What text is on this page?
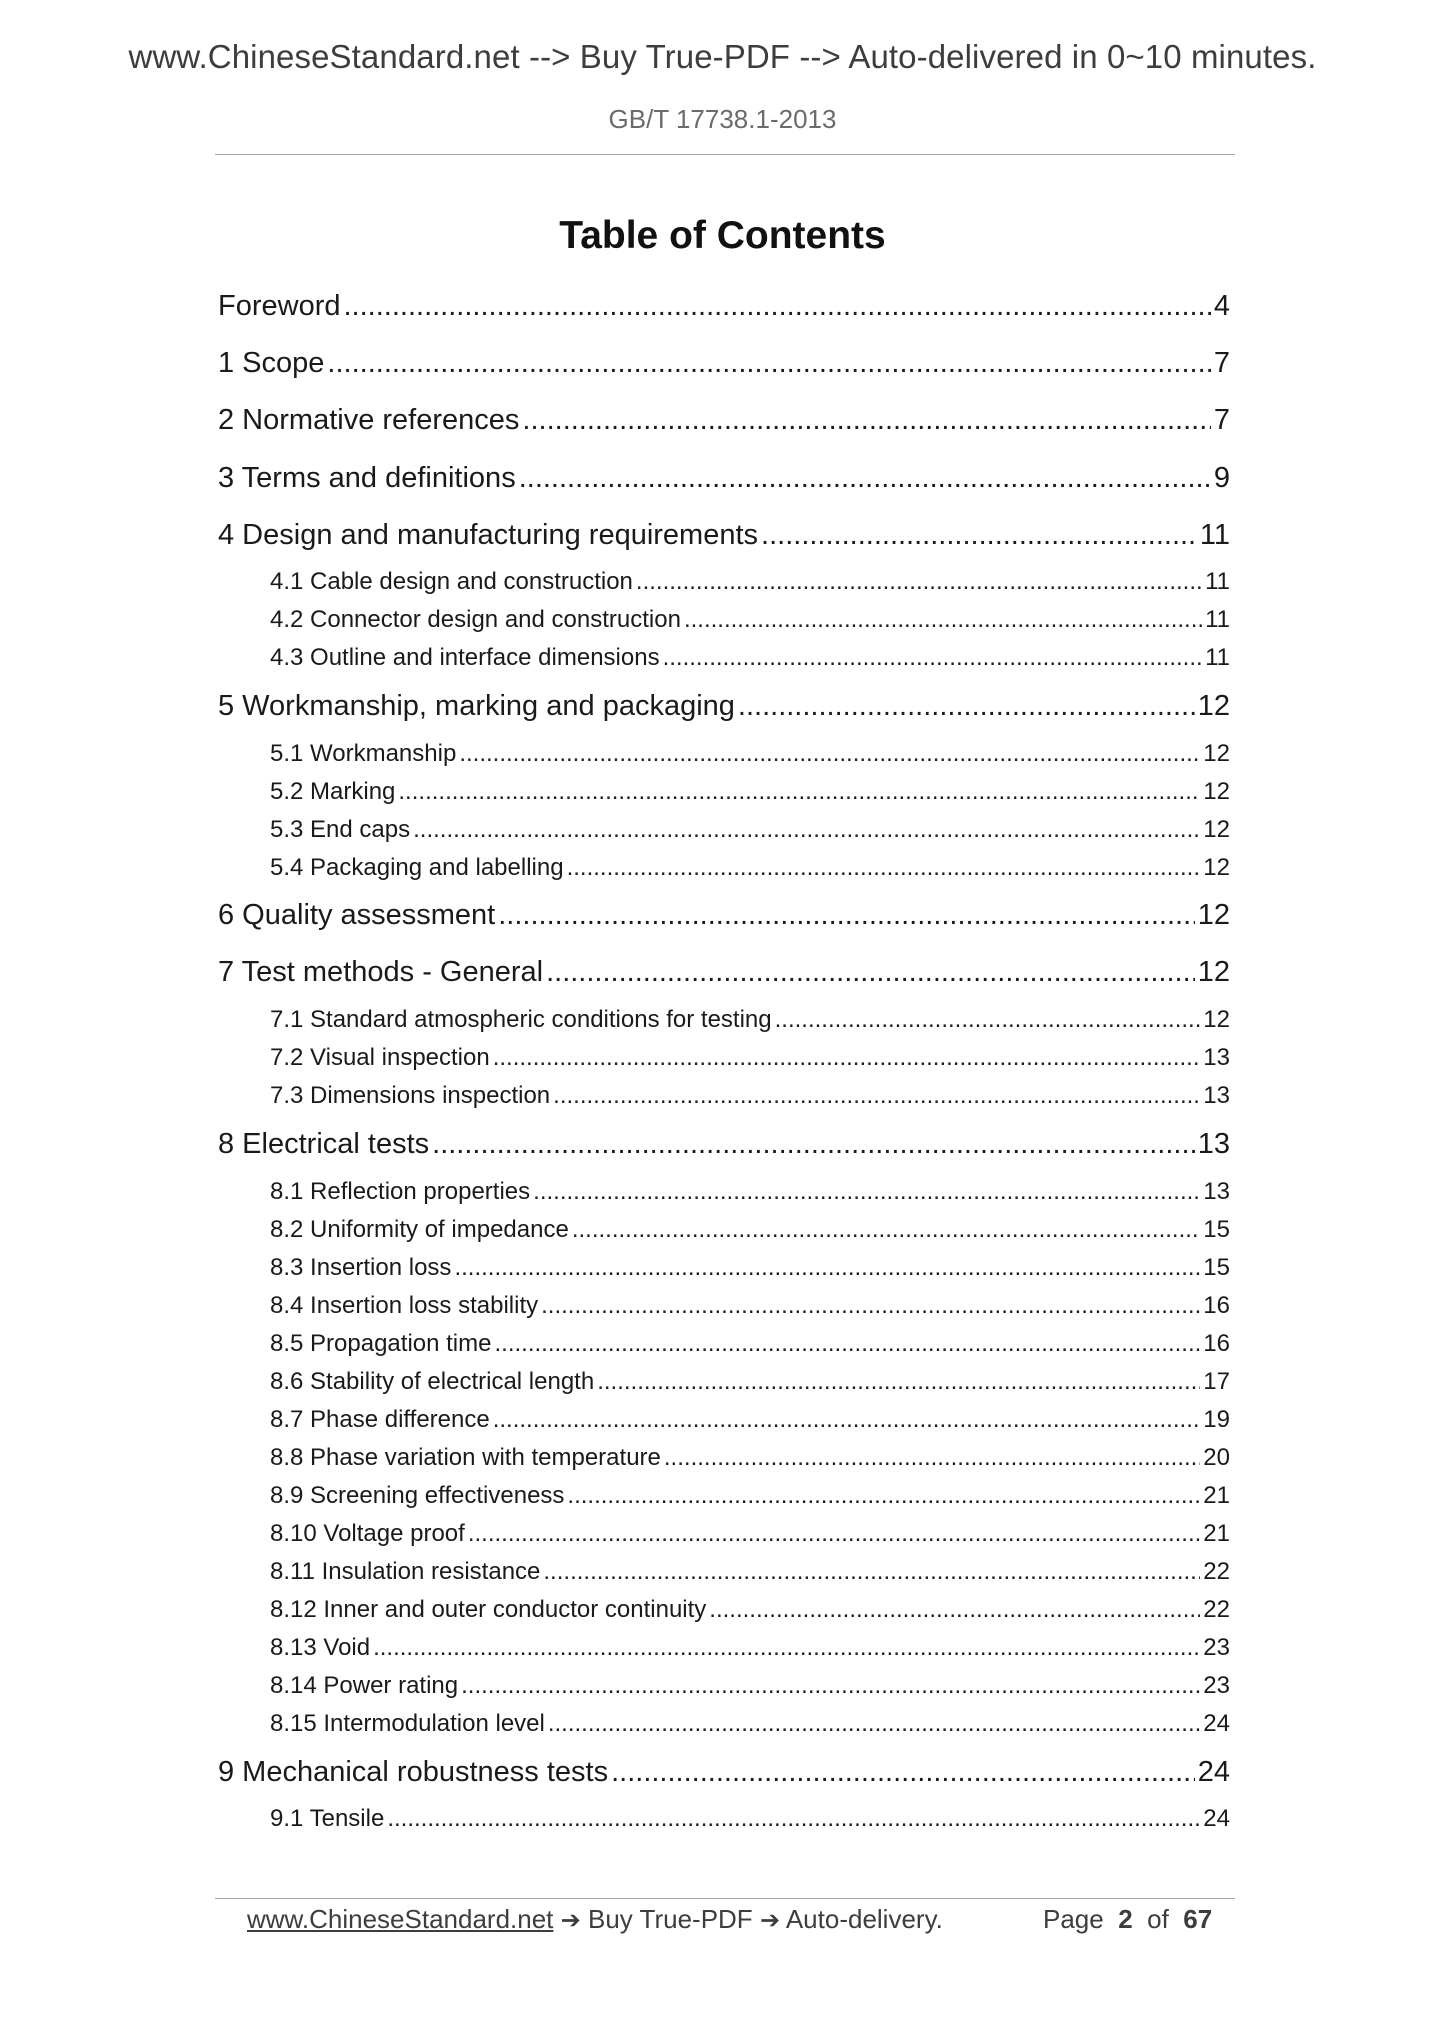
www.ChineseStandard.net --> Buy True-PDF --> Auto-delivered in 0~10 minutes.
GB/T 17738.1-2013
Table of Contents
Foreword .....	4
1 Scope .....	7
2 Normative references .....	7
3 Terms and definitions .....	9
4 Design and manufacturing requirements .....	11
4.1 Cable design and construction .....	11
4.2 Connector design and construction .....	11
4.3 Outline and interface dimensions .....	11
5 Workmanship, marking and packaging .....	12
5.1 Workmanship .....	12
5.2 Marking .....	12
5.3 End caps .....	12
5.4 Packaging and labelling .....	12
6 Quality assessment .....	12
7 Test methods - General .....	12
7.1 Standard atmospheric conditions for testing .....	12
7.2 Visual inspection .....	13
7.3 Dimensions inspection .....	13
8 Electrical tests .....	13
8.1 Reflection properties .....	13
8.2 Uniformity of impedance .....	15
8.3 Insertion loss .....	15
8.4 Insertion loss stability .....	16
8.5 Propagation time .....	16
8.6 Stability of electrical length .....	17
8.7 Phase difference .....	19
8.8 Phase variation with temperature .....	20
8.9 Screening effectiveness .....	21
8.10 Voltage proof .....	21
8.11 Insulation resistance .....	22
8.12 Inner and outer conductor continuity .....	22
8.13 Void .....	23
8.14 Power rating .....	23
8.15 Intermodulation level .....	24
9 Mechanical robustness tests .....	24
9.1 Tensile .....	24
www.ChineseStandard.net ➔ Buy True-PDF ➔ Auto-delivery.	Page 2 of 67
